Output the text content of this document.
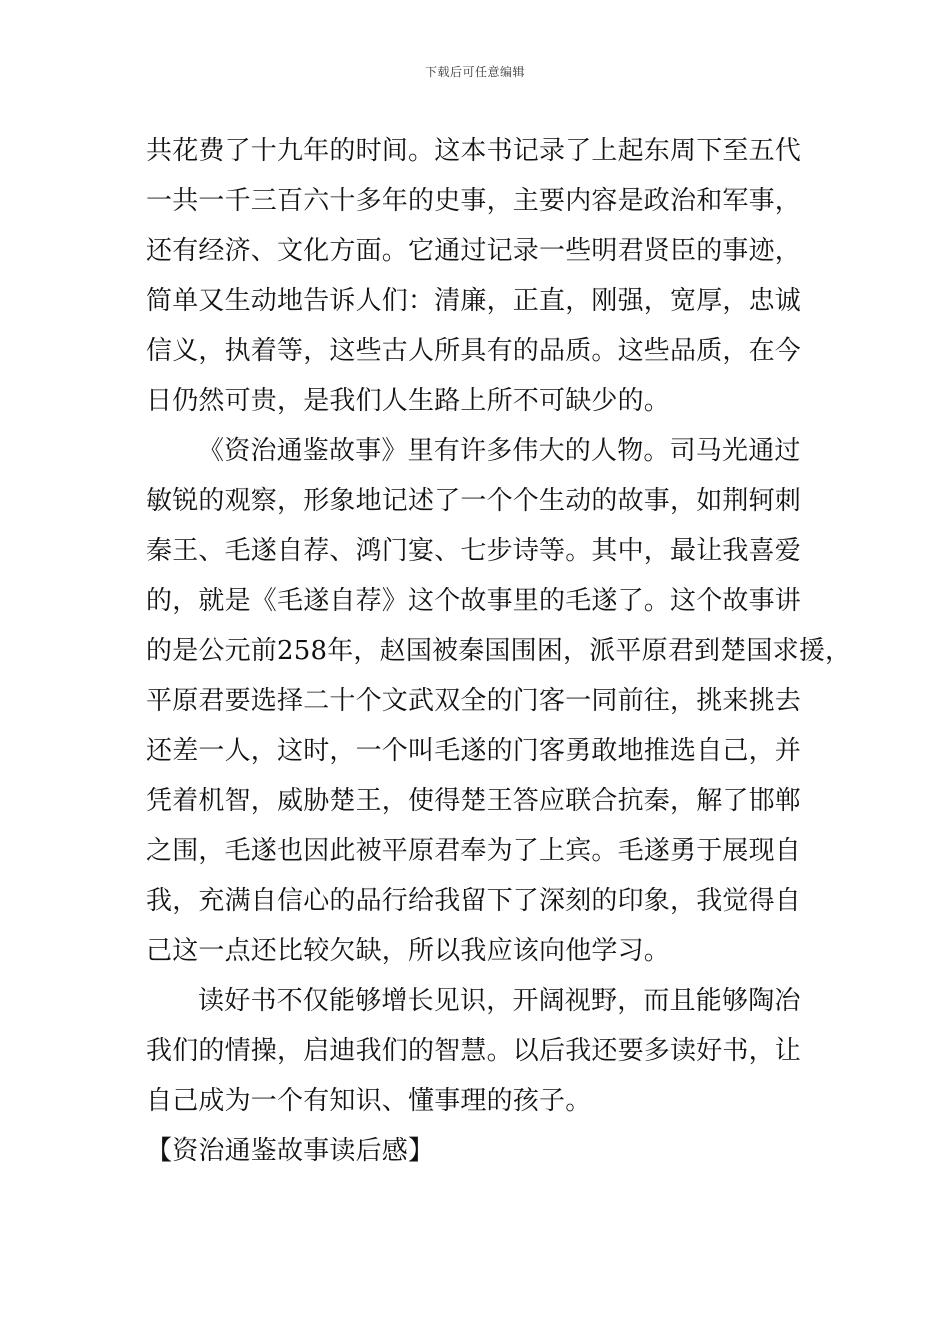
下载后可任意编辑
共花费了十九年的时间。这本书记录了上起东周下至五代
一共一千三百六十多年的史事，主要内容是政治和军事，
还有经济、文化方面。它通过记录一些明君贤臣的事迹，
简单又生动地告诉人们：清廉，正直，刚强，宽厚，忠诚
信义，执着等，这些古人所具有的品质。这些品质，在今
日仍然可贵，是我们人生路上所不可缺少的。
《资治通鉴故事》里有许多伟大的人物。司马光通过
敏锐的观察，形象地记述了一个个生动的故事，如荆轲刺
秦王、毛遂自荐、鸿门宴、七步诗等。其中，最让我喜爱
的，就是《毛遂自荐》这个故事里的毛遂了。这个故事讲
的是公元前258年，赵国被秦国围困，派平原君到楚国求援，
平原君要选择二十个文武双全的门客一同前往，挑来挑去
还差一人，这时，一个叫毛遂的门客勇敢地推选自己，并
凭着机智，威胁楚王，使得楚王答应联合抗秦，解了邯郸
之围，毛遂也因此被平原君奉为了上宾。毛遂勇于展现自
我，充满自信心的品行给我留下了深刻的印象，我觉得自
己这一点还比较欠缺，所以我应该向他学习。
读好书不仅能够增长见识，开阔视野，而且能够陶冶
我们的情操，启迪我们的智慧。以后我还要多读好书，让
自己成为一个有知识、懂事理的孩子。
【资治通鉴故事读后感】
